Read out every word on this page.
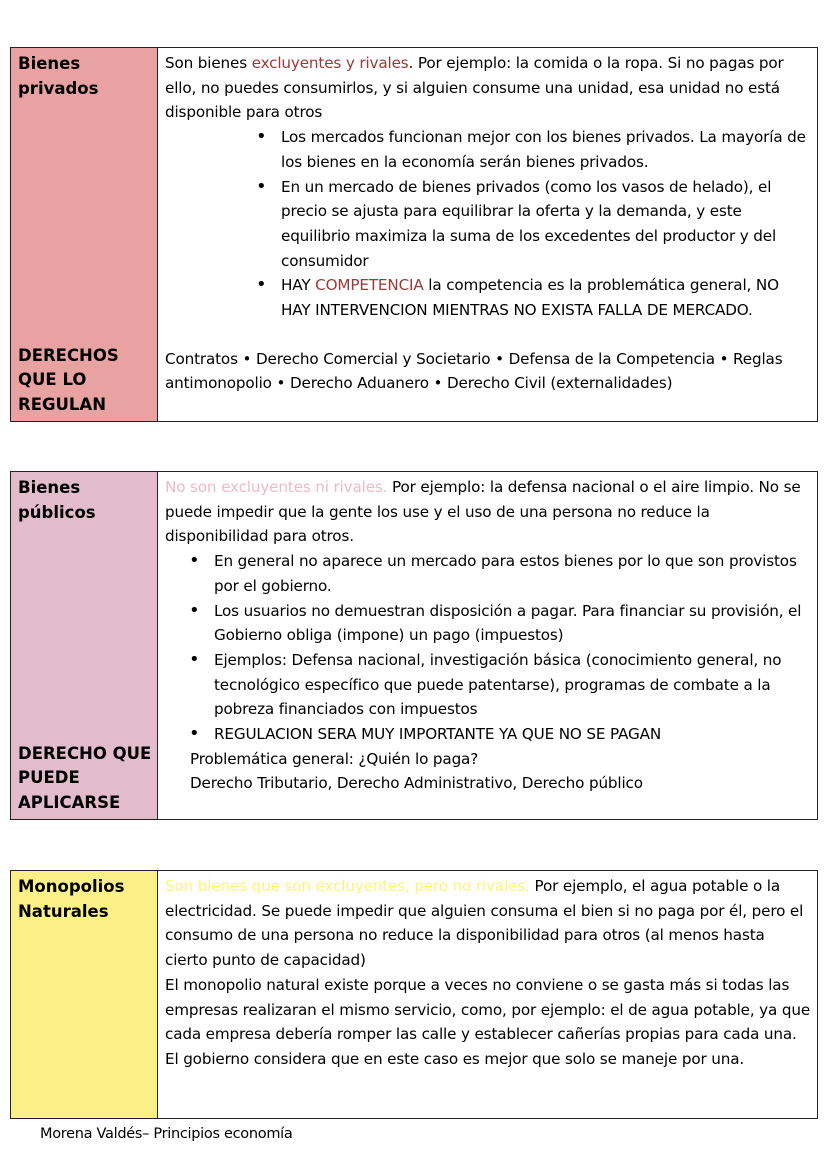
Bienes privados
DERECHOS QUE LO REGULAN

Son bienes excluyentes y rivales. Por ejemplo: la comida o la ropa. Si no pagas por ello, no puedes consumirlos, y si alguien consume una unidad, esa unidad no está disponible para otros

• Los mercados funcionan mejor con los bienes privados. La mayoría de los bienes en la economía serán bienes privados.
• En un mercado de bienes privados (como los vasos de helado), el precio se ajusta para equilibrar la oferta y la demanda, y este equilibrio maximiza la suma de los excedentes del productor y del consumidor
• HAY COMPETENCIA la competencia es la problemática general, NO HAY INTERVENCION MIENTRAS NO EXISTA FALLA DE MERCADO.

Contratos • Derecho Comercial y Societario • Defensa de la Competencia • Reglas antimonopolio • Derecho Aduanero • Derecho Civil (externalidades)

Bienes públicos
DERECHO QUE PUEDE APLICARSE

No son excluyentes ni rivales. Por ejemplo: la defensa nacional o el aire limpio. No se puede impedir que la gente los use y el uso de una persona no reduce la disponibilidad para otros.

• En general no aparece un mercado para estos bienes por lo que son provistos por el gobierno.
• Los usuarios no demuestran disposición a pagar. Para financiar su provisión, el Gobierno obliga (impone) un pago (impuestos)
• Ejemplos: Defensa nacional, investigación básica (conocimiento general, no tecnológico específico que puede patentarse), programas de combate a la pobreza financiados con impuestos
• REGULACION SERA MUY IMPORTANTE YA QUE NO SE PAGAN

Problemática general: ¿Quién lo paga?

Derecho Tributario, Derecho Administrativo, Derecho público

Monopolios Naturales

Son bienes que son excluyentes, pero no rivales. Por ejemplo, el agua potable o la electricidad. Se puede impedir que alguien consuma el bien si no paga por él, pero el consumo de una persona no reduce la disponibilidad para otros (al menos hasta cierto punto de capacidad)

El monopolio natural existe porque a veces no conviene o se gasta más si todas las empresas realizaran el mismo servicio, como, por ejemplo: el de agua potable, ya que cada empresa debería romper las calle y establecer cañerías propias para cada una. El gobierno considera que en este caso es mejor que solo se maneje por una.

Morena Valdés– Principios economía
